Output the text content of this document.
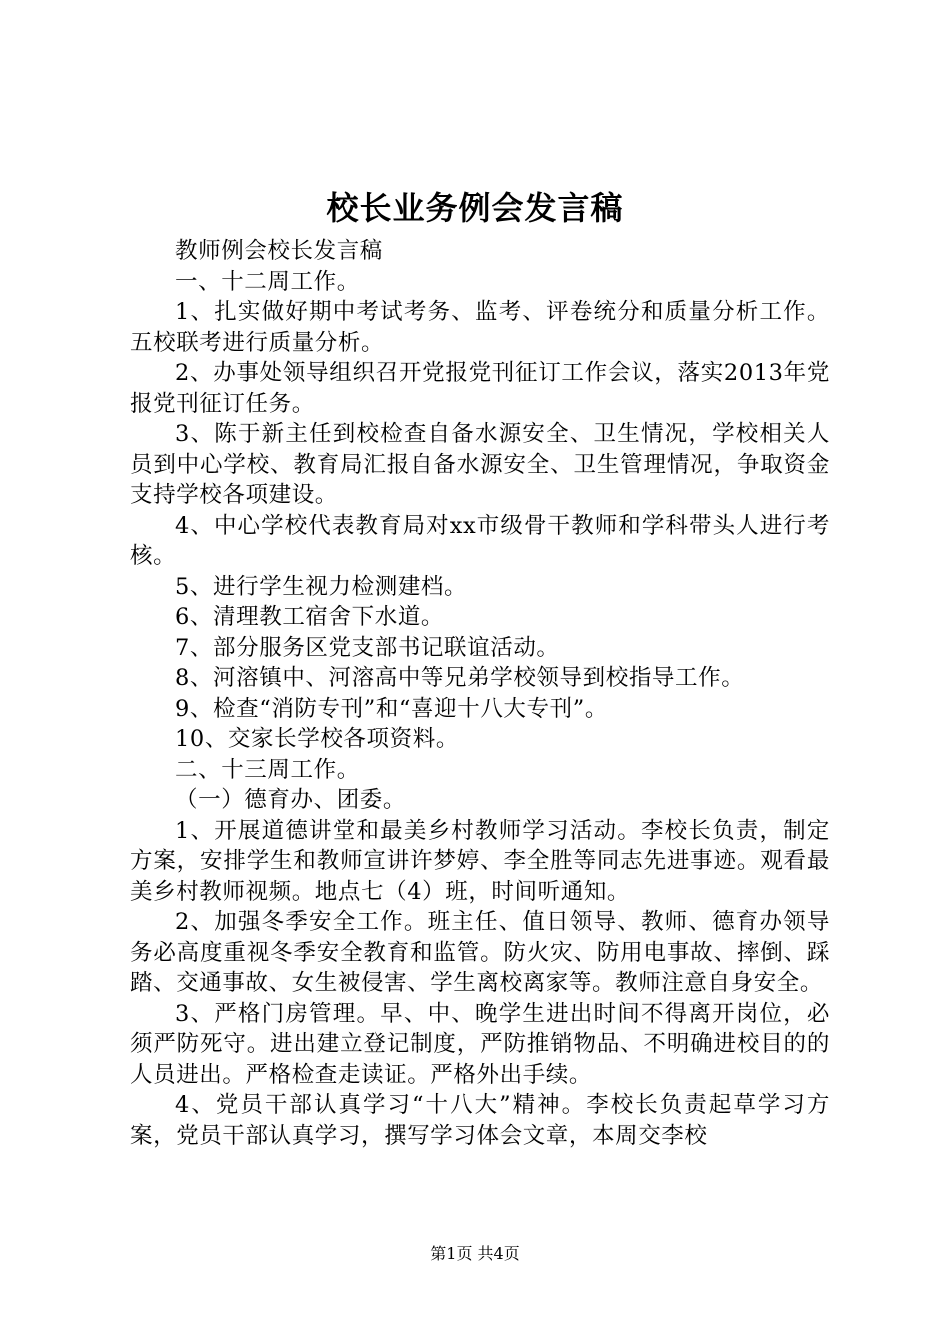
校长业务例会发言稿

教师例会校长发言稿

一、十二周工作。

1、扎实做好期中考试考务、监考、评卷统分和质量分析工作。五校联考进行质量分析。

2、办事处领导组织召开党报党刊征订工作会议，落实2013年党报党刊征订任务。

3、陈于新主任到校检查自备水源安全、卫生情况，学校相关人员到中心学校、教育局汇报自备水源安全、卫生管理情况，争取资金支持学校各项建设。

4、中心学校代表教育局对xx市级骨干教师和学科带头人进行考核。

5、进行学生视力检测建档。

6、清理教工宿舍下水道。

7、部分服务区党支部书记联谊活动。

8、河溶镇中、河溶高中等兄弟学校领导到校指导工作。

9、检查“消防专刊”和“喜迎十八大专刊”。

10、交家长学校各项资料。

二、十三周工作。

（一）德育办、团委。

1、开展道德讲堂和最美乡村教师学习活动。李校长负责，制定方案，安排学生和教师宣讲许梦婷、李全胜等同志先进事迹。观看最美乡村教师视频。地点七（4）班，时间听通知。

2、加强冬季安全工作。班主任、值日领导、教师、德育办领导务必高度重视冬季安全教育和监管。防火灾、防用电事故、摔倒、踩踏、交通事故、女生被侵害、学生离校离家等。教师注意自身安全。

3、严格门房管理。早、中、晚学生进出时间不得离开岗位，必须严防死守。进出建立登记制度，严防推销物品、不明确进校目的的人员进出。严格检查走读证。严格外出手续。

4、党员干部认真学习“十八大”精神。李校长负责起草学习方案，党员干部认真学习，撰写学习体会文章，本周交李校

第1页 共4页
